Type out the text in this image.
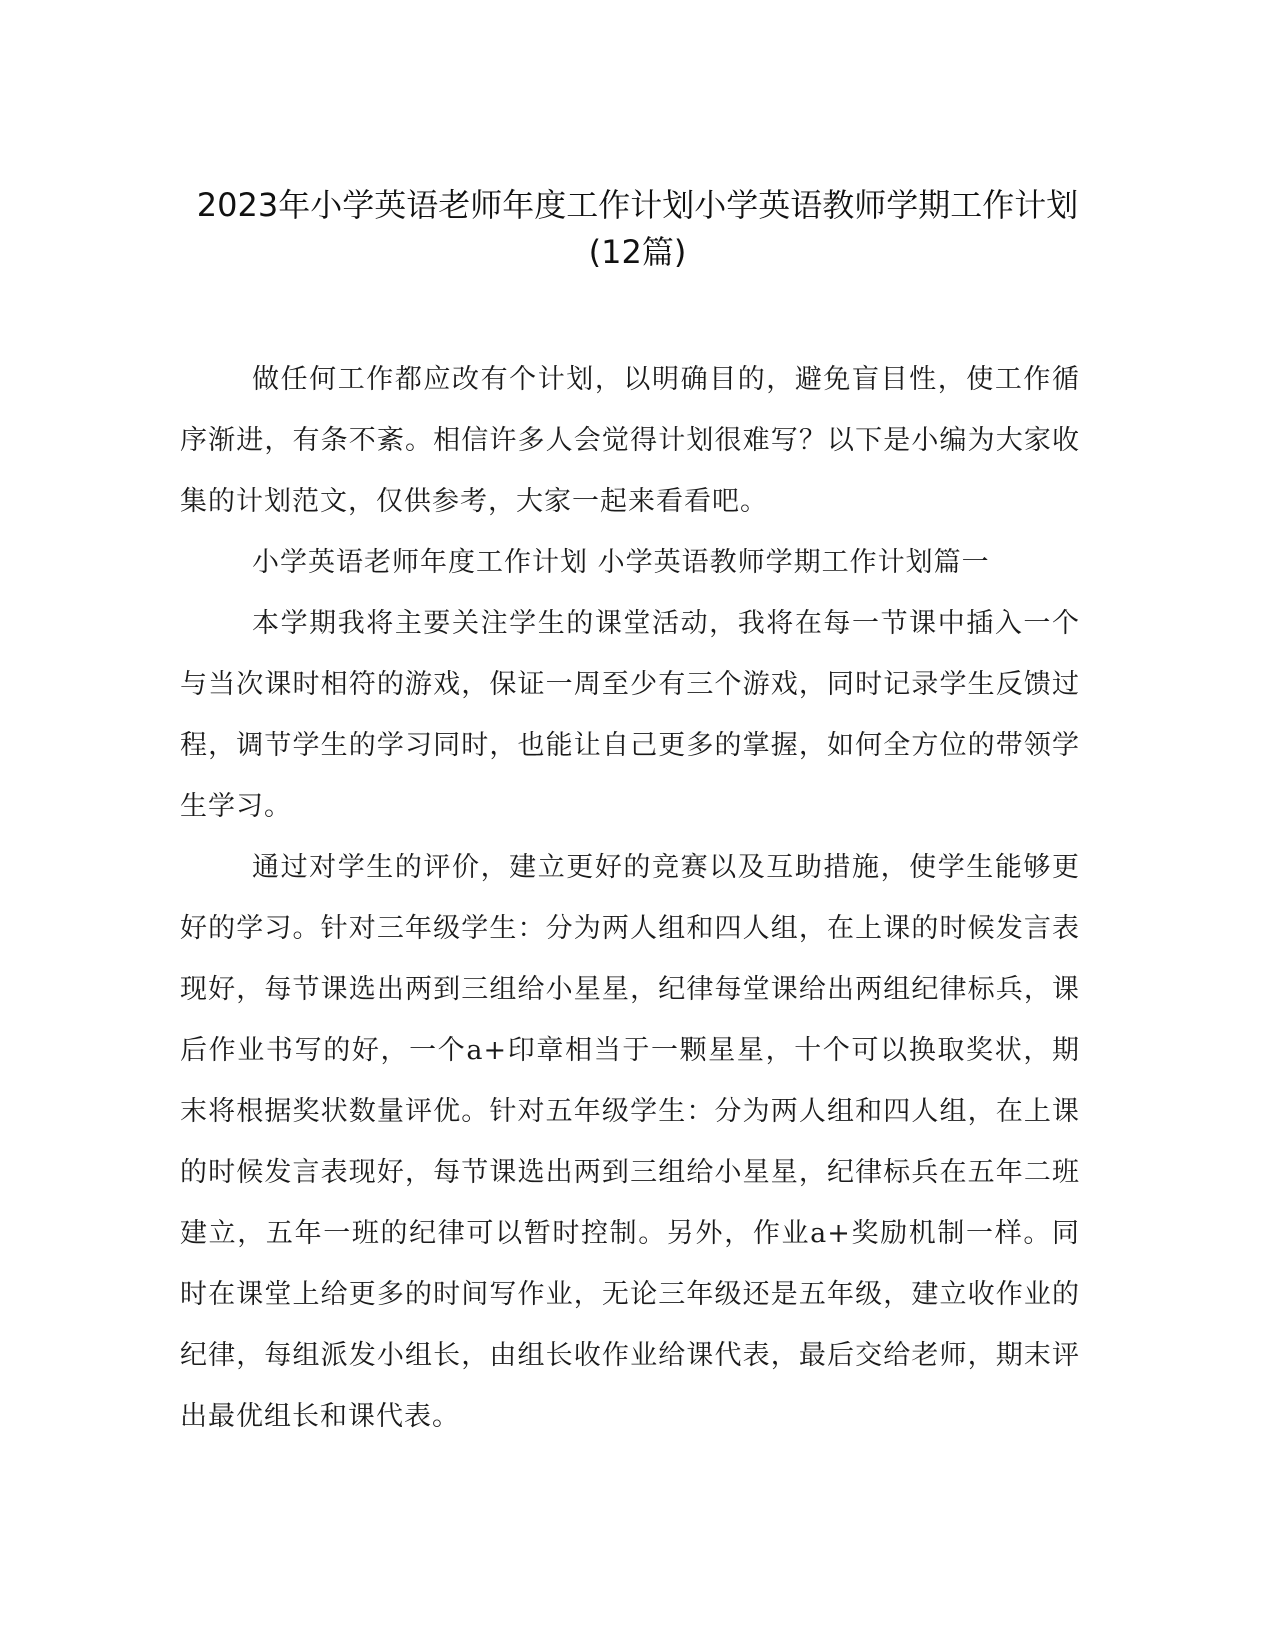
2023年小学英语老师年度工作计划小学英语教师学期工作计划(12篇)

做任何工作都应改有个计划，以明确目的，避免盲目性，使工作循序渐进，有条不紊。相信许多人会觉得计划很难写？以下是小编为大家收集的计划范文，仅供参考，大家一起来看看吧。

小学英语老师年度工作计划 小学英语教师学期工作计划篇一

本学期我将主要关注学生的课堂活动，我将在每一节课中插入一个与当次课时相符的游戏，保证一周至少有三个游戏，同时记录学生反馈过程，调节学生的学习同时，也能让自己更多的掌握，如何全方位的带领学生学习。

通过对学生的评价，建立更好的竞赛以及互助措施，使学生能够更好的学习。针对三年级学生：分为两人组和四人组，在上课的时候发言表现好，每节课选出两到三组给小星星，纪律每堂课给出两组纪律标兵，课后作业书写的好，一个a+印章相当于一颗星星，十个可以换取奖状，期末将根据奖状数量评优。针对五年级学生：分为两人组和四人组，在上课的时候发言表现好，每节课选出两到三组给小星星，纪律标兵在五年二班建立，五年一班的纪律可以暂时控制。另外，作业a+奖励机制一样。同时在课堂上给更多的时间写作业，无论三年级还是五年级，建立收作业的纪律，每组派发小组长，由组长收作业给课代表，最后交给老师，期末评出最优组长和课代表。
